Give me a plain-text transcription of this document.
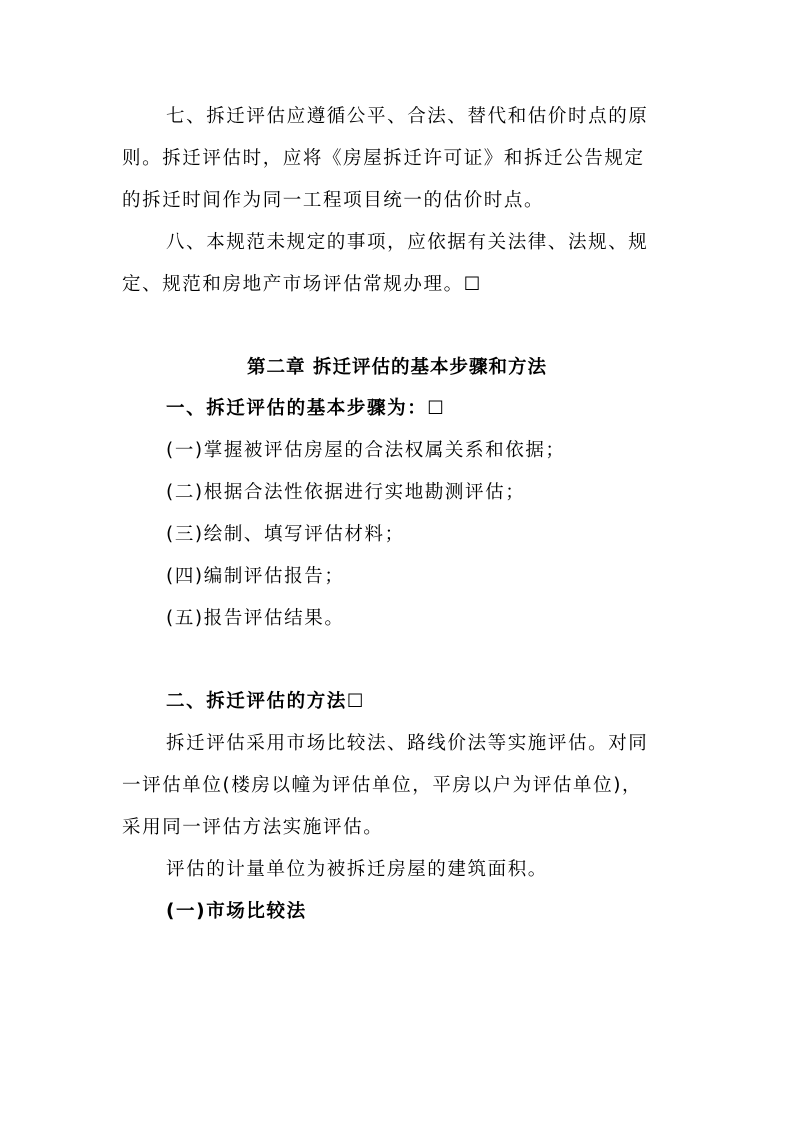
七、拆迁评估应遵循公平、合法、替代和估价时点的原
则。拆迁评估时，应将《房屋拆迁许可证》和拆迁公告规定
的拆迁时间作为同一工程项目统一的估价时点。
八、本规范未规定的事项，应依据有关法律、法规、规
定、规范和房地产市场评估常规办理。☐
第二章 拆迁评估的基本步骤和方法
一、拆迁评估的基本步骤为：☐
(一)掌握被评估房屋的合法权属关系和依据；
(二)根据合法性依据进行实地勘测评估；
(三)绘制、填写评估材料；
(四)编制评估报告；
(五)报告评估结果。
二、拆迁评估的方法☐
拆迁评估采用市场比较法、路线价法等实施评估。对同
一评估单位(楼房以幢为评估单位，平房以户为评估单位)，
采用同一评估方法实施评估。
评估的计量单位为被拆迁房屋的建筑面积。
(一)市场比较法
